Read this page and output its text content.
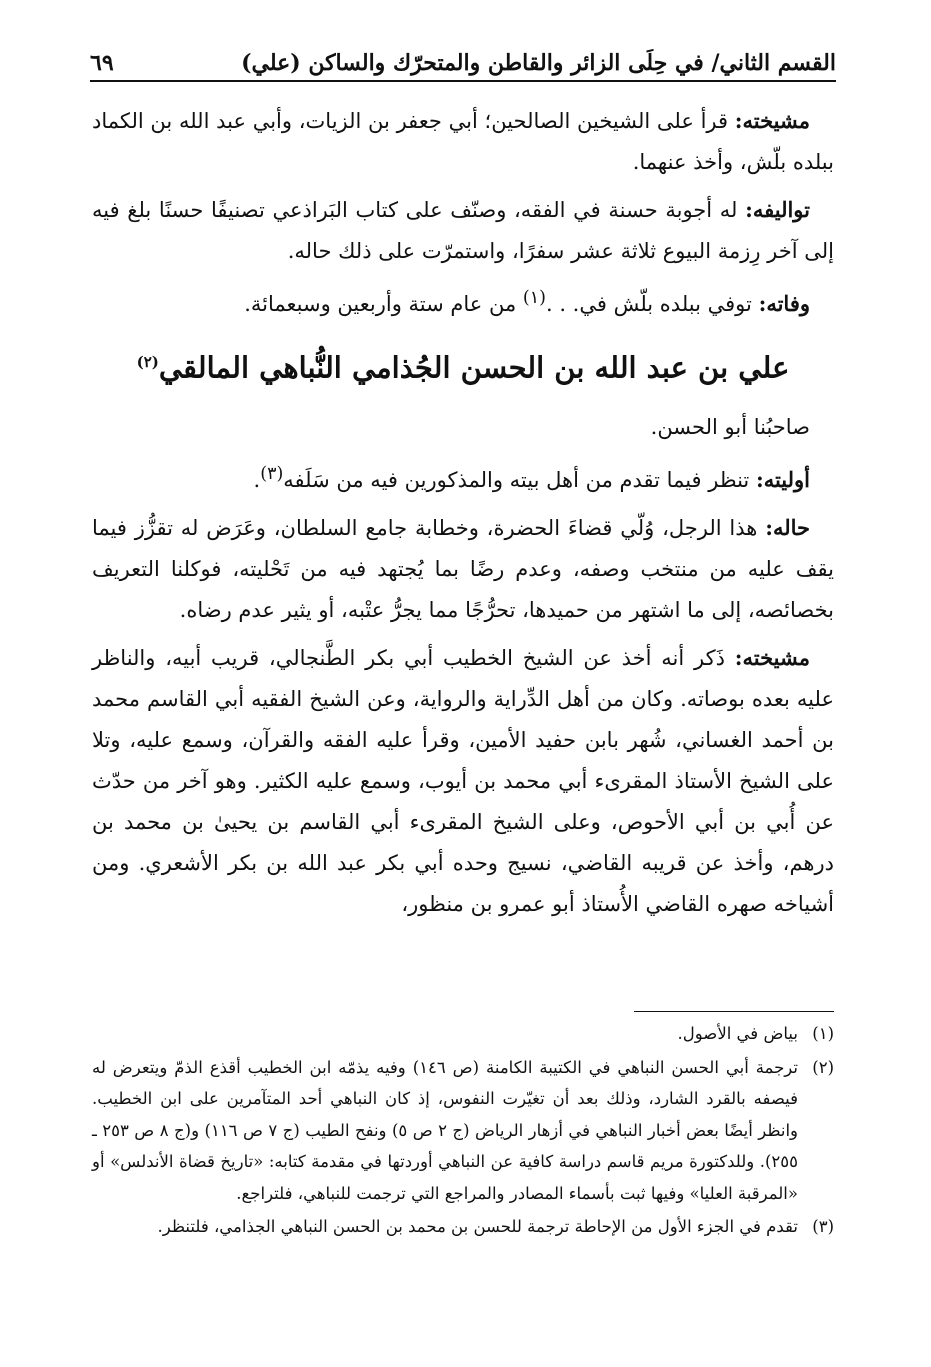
القسم الثاني/ في حِلَى الزائر والقاطن والمتحرّك والساكن (علي)
٦٩

مشيخته: قرأ على الشيخين الصالحين؛ أبي جعفر بن الزيات، وأبي عبد الله بن الكماد ببلده بلّش، وأخذ عنهما.

تواليفه: له أجوبة حسنة في الفقه، وصنّف على كتاب البَراذعي تصنيفًا حسنًا بلغ فيه إلى آخر رِزمة البيوع ثلاثة عشر سفرًا، واستمرّت على ذلك حاله.

وفاته: توفي ببلده بلّش في. . .$^{(١)}$ من عام ستة وأربعين وسبعمائة.

علي بن عبد الله بن الحسن الجُذامي النُّباهي المالقي$^{(٢)}$

صاحبُنا أبو الحسن.

أوليته: تنظر فيما تقدم من أهل بيته والمذكورين فيه من سَلَفه$^{(٣)}$.

حاله: هذا الرجل، وُلّي قضاءَ الحضرة، وخطابة جامع السلطان، وعَرَض له تقزُّز فيما يقف عليه من منتخب وصفه، وعدم رضًا بما يُجتهد فيه من تَحْليته، فوكلنا التعريف بخصائصه، إلى ما اشتهر من حميدها، تحرُّجًا مما يجرُّ عتْبه، أو يثير عدم رضاه.

مشيخته: ذَكر أنه أخذ عن الشيخ الخطيب أبي بكر الطَّنجالي، قريب أبيه، والناظر عليه بعده بوصاته. وكان من أهل الدِّراية والرواية، وعن الشيخ الفقيه أبي القاسم محمد بن أحمد الغساني، شُهر بابن حفيد الأمين، وقرأ عليه الفقه والقرآن، وسمع عليه، وتلا على الشيخ الأستاذ المقرىء أبي محمد بن أيوب، وسمع عليه الكثير. وهو آخر من حدّث عن أُبي بن أبي الأحوص، وعلى الشيخ المقرىء أبي القاسم بن يحيىٰ بن محمد بن درهم، وأخذ عن قريبه القاضي، نسيج وحده أبي بكر عبد الله بن بكر الأشعري. ومن أشياخه صهره القاضي الأُستاذ أبو عمرو بن منظور،

(١)
بياض في الأصول.
(٢)
ترجمة أبي الحسن النباهي في الكتيبة الكامنة (ص ١٤٦) وفيه يذمّه ابن الخطيب أقذع الذمّ ويتعرض له فيصفه بالقرد الشارد، وذلك بعد أن تغيّرت النفوس، إذ كان النباهي أحد المتآمرين على ابن الخطيب. وانظر أيضًا بعض أخبار النباهي في أزهار الرياض (ج ٢ ص ٥) ونفح الطيب (ج ٧ ص ١١٦) و(ج ٨ ص ٢٥٣ ـ ٢٥٥). وللدكتورة مريم قاسم دراسة كافية عن النباهي أوردتها في مقدمة كتابه: «تاريخ قضاة الأندلس» أو «المرقبة العليا» وفيها ثبت بأسماء المصادر والمراجع التي ترجمت للنباهي، فلتراجع.
(٣)
تقدم في الجزء الأول من الإحاطة ترجمة للحسن بن محمد بن الحسن النباهي الجذامي، فلتنظر.
